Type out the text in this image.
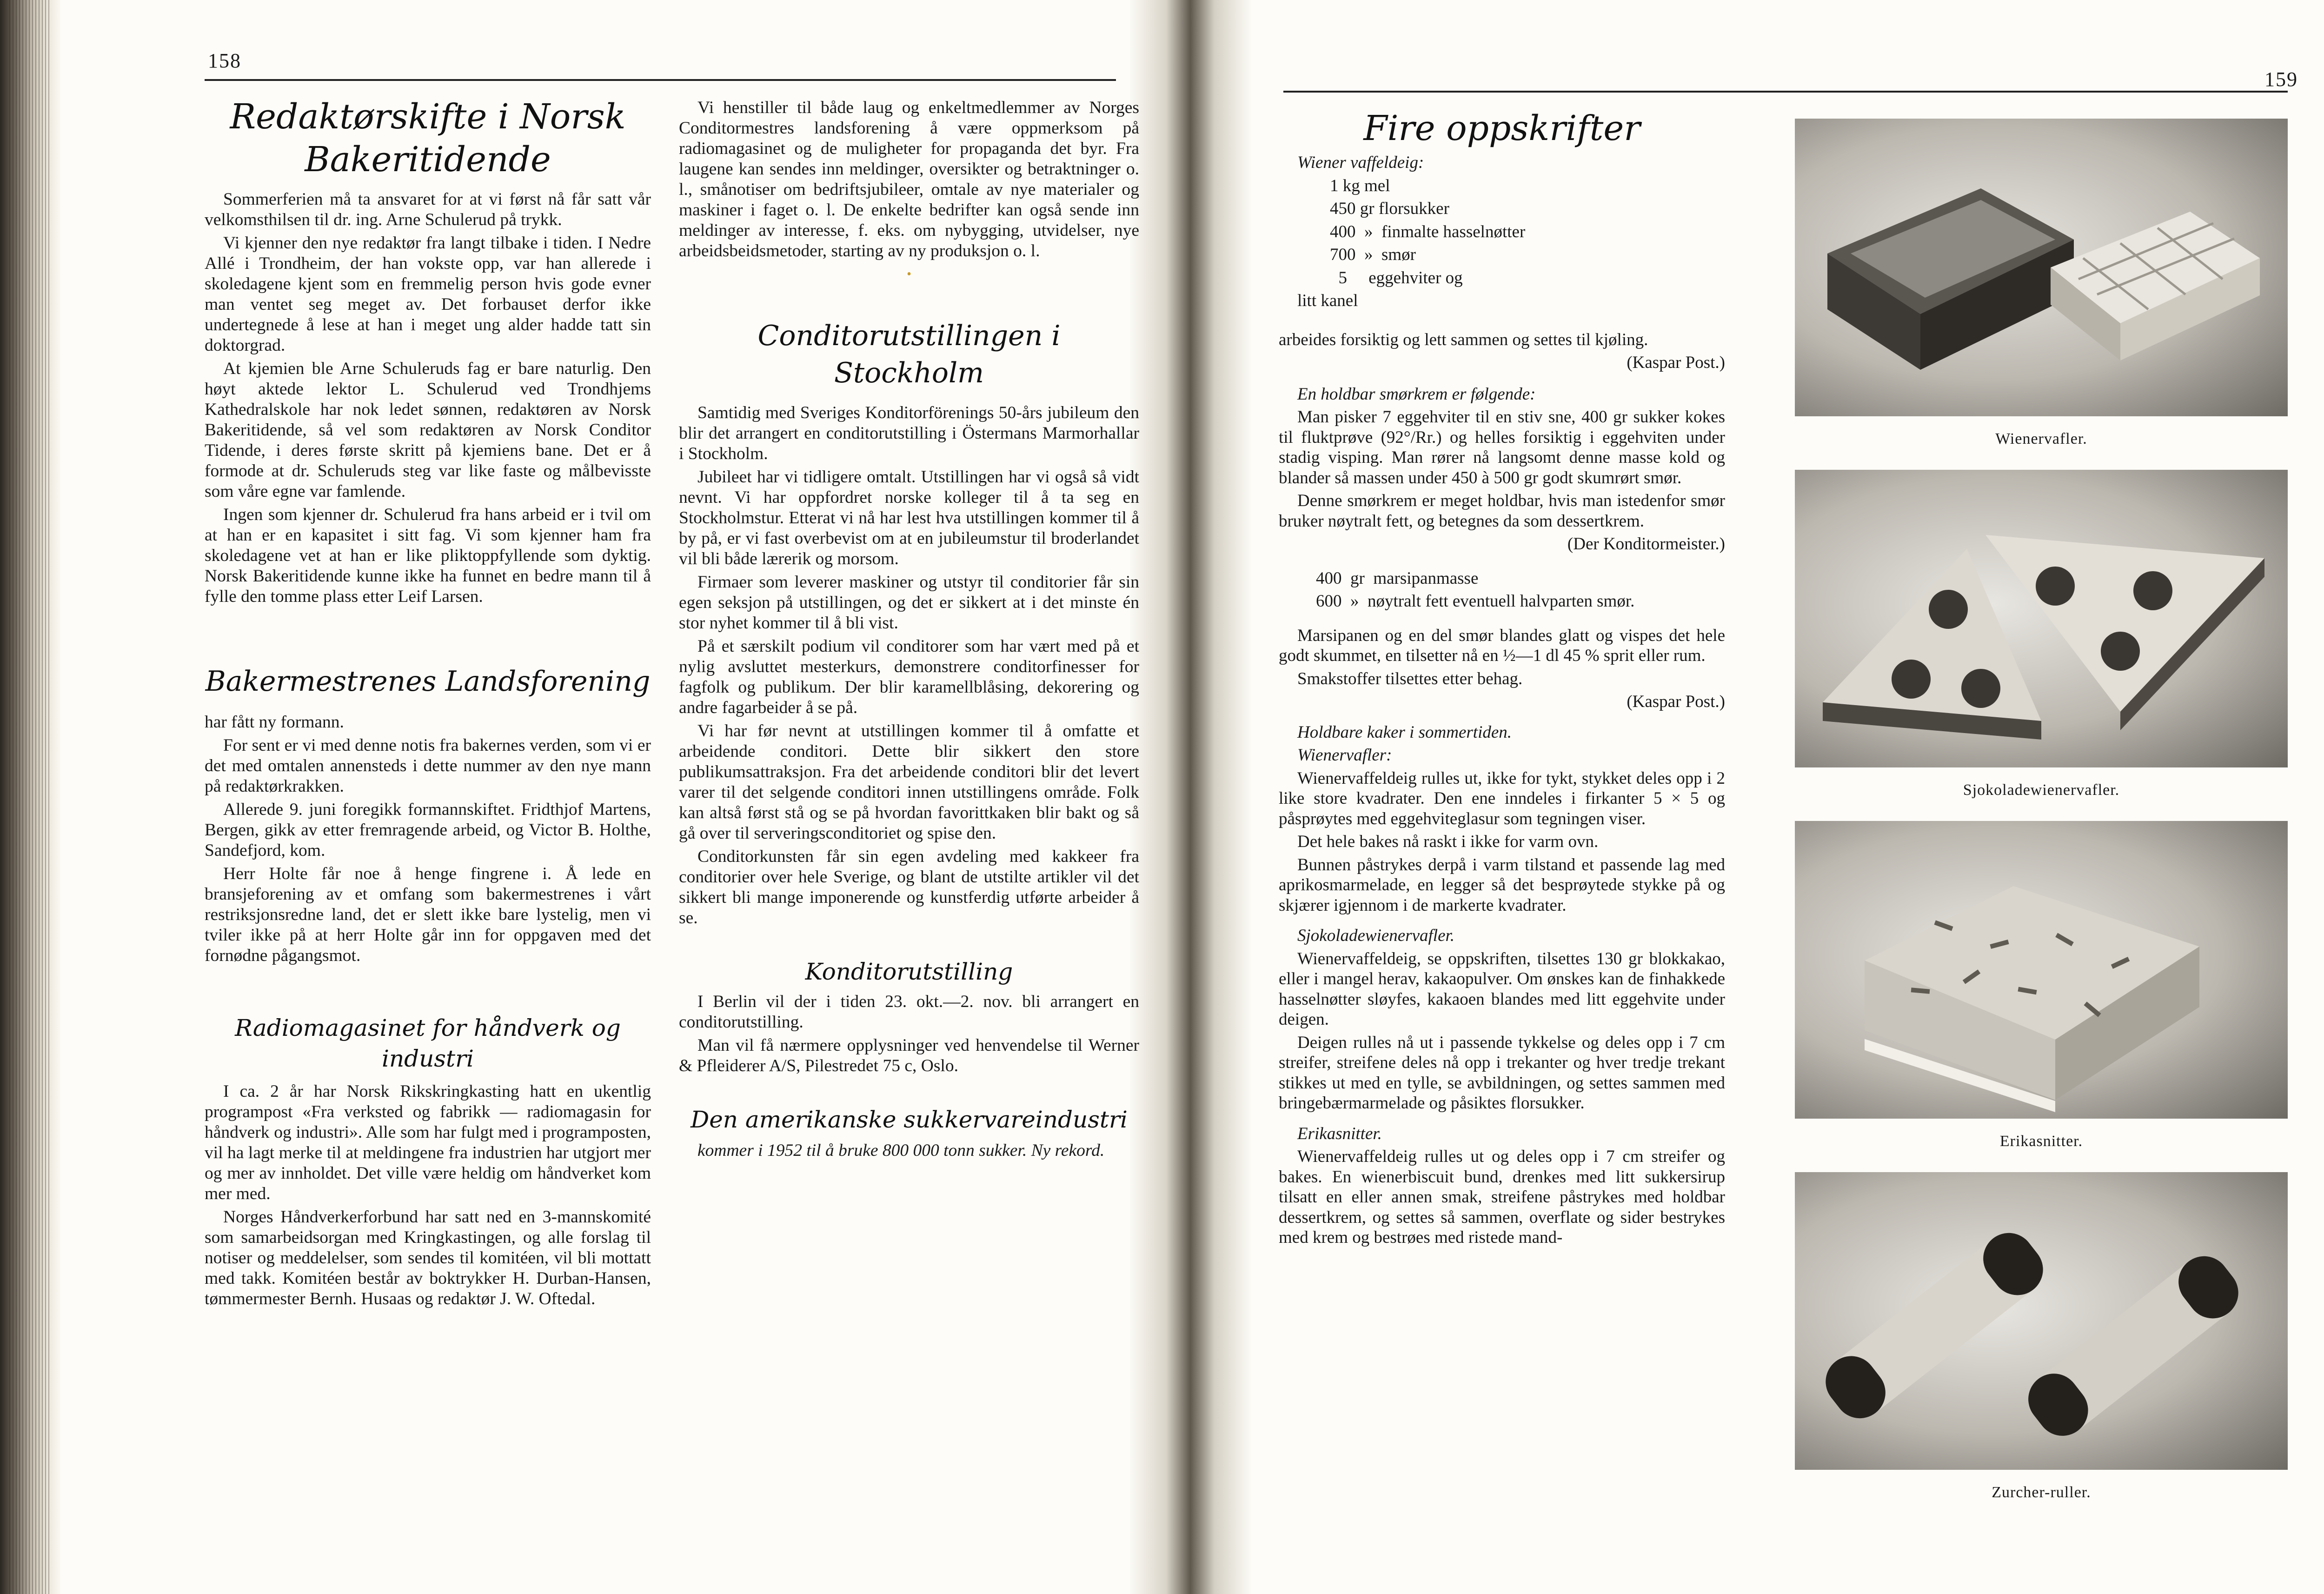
158
Redaktørskifte i Norsk
Bakeritidende

Sommerferien må ta ansvaret for at vi først nå får satt vår velkomsthilsen til dr. ing. Arne Schulerud på trykk.

Vi kjenner den nye redaktør fra langt tilbake i tiden. I Nedre Allé i Trondheim, der han vokste opp, var han allerede i skoledagene kjent som en fremmelig person hvis gode evner man ventet seg meget av. Det forbauset derfor ikke undertegnede å lese at han i meget ung alder hadde tatt sin doktorgrad.

At kjemien ble Arne Schuleruds fag er bare naturlig. Den høyt aktede lektor L. Schulerud ved Trondhjems Kathedralskole har nok ledet sønnen, redaktøren av Norsk Bakeritidende, så vel som redaktøren av Norsk Conditor Tidende, i deres første skritt på kjemiens bane. Det er å formode at dr. Schuleruds steg var like faste og målbevisste som våre egne var famlende.

Ingen som kjenner dr. Schulerud fra hans arbeid er i tvil om at han er en kapasitet i sitt fag. Vi som kjenner ham fra skoledagene vet at han er like pliktoppfyllende som dyktig. Norsk Bakeritidende kunne ikke ha funnet en bedre mann til å fylle den tomme plass etter Leif Larsen.

Bakermestrenes Landsforening

har fått ny formann.

For sent er vi med denne notis fra bakernes verden, som vi er det med omtalen annensteds i dette nummer av den nye mann på redaktørkrakken.

Allerede 9. juni foregikk formannskiftet. Fridthjof Martens, Bergen, gikk av etter fremragende arbeid, og Victor B. Holthe, Sandefjord, kom.

Herr Holte får noe å henge fingrene i. Å lede en bransjeforening av et omfang som bakermestrenes i vårt restriksjonsredne land, det er slett ikke bare lystelig, men vi tviler ikke på at herr Holte går inn for oppgaven med det fornødne pågangsmot.

Radiomagasinet for håndverk og industri

I ca. 2 år har Norsk Rikskringkasting hatt en ukentlig programpost «Fra verksted og fabrikk — radiomagasin for håndverk og industri». Alle som har fulgt med i programposten, vil ha lagt merke til at meldingene fra industrien har utgjort mer og mer av innholdet. Det ville være heldig om håndverket kom mer med.

Norges Håndverkerforbund har satt ned en 3-mannskomité som samarbeidsorgan med Kringkastingen, og alle forslag til notiser og meddelelser, som sendes til komitéen, vil bli mottatt med takk. Komitéen består av boktrykker H. Durban-Hansen, tømmermester Bernh. Husaas og redaktør J. W. Oftedal.

Vi henstiller til både laug og enkeltmedlemmer av Norges Conditormestres landsforening å være oppmerksom på radiomagasinet og de muligheter for propaganda det byr. Fra laugene kan sendes inn meldinger, oversikter og betraktninger o. l., smånotiser om bedriftsjubileer, omtale av nye materialer og maskiner i faget o. l. De enkelte bedrifter kan også sende inn meldinger av interesse, f. eks. om nybygging, utvidelser, nye arbeidsbeidsmetoder, starting av ny produksjon o. l.

•
Conditorutstillingen i Stockholm

Samtidig med Sveriges Konditorförenings 50-års jubileum den blir det arrangert en conditorutstilling i Östermans Marmorhallar i Stockholm.

Jubileet har vi tidligere omtalt. Utstillingen har vi også så vidt nevnt. Vi har oppfordret norske kolleger til å ta seg en Stockholmstur. Etterat vi nå har lest hva utstillingen kommer til å by på, er vi fast overbevist om at en jubileumstur til broderlandet vil bli både lærerik og morsom.

Firmaer som leverer maskiner og utstyr til conditorier får sin egen seksjon på utstillingen, og det er sikkert at i det minste én stor nyhet kommer til å bli vist.

På et særskilt podium vil conditorer som har vært med på et nylig avsluttet mesterkurs, demonstrere conditorfinesser for fagfolk og publikum. Der blir karamellblåsing, dekorering og andre fagarbeider å se på.

Vi har før nevnt at utstillingen kommer til å omfatte et arbeidende conditori. Dette blir sikkert den store publikumsattraksjon. Fra det arbeidende conditori blir det levert varer til det selgende conditori innen utstillingens område. Folk kan altså først stå og se på hvordan favorittkaken blir bakt og så gå over til serveringsconditoriet og spise den.

Conditorkunsten får sin egen avdeling med kakkeer fra conditorier over hele Sverige, og blant de utstilte artikler vil det sikkert bli mange imponerende og kunstferdig utførte arbeider å se.

Konditorutstilling

I Berlin vil der i tiden 23. okt.—2. nov. bli arrangert en conditorutstilling.

Man vil få nærmere opplysninger ved henvendelse til Werner & Pfleiderer A/S, Pilestredet 75 c, Oslo.

Den amerikanske sukkervareindustri

kommer i 1952 til å bruke 800 000 tonn sukker. Ny rekord.

159
Fire oppskrifter

Wiener vaffeldeig:

1 kg mel

450 gr florsukker

400  »  finmalte hasselnøtter

700  »  smør

5     eggehviter og

litt kanel

arbeides forsiktig og lett sammen og settes til kjøling.

(Kaspar Post.)

En holdbar smørkrem er følgende:

Man pisker 7 eggehviter til en stiv sne, 400 gr sukker kokes til fluktprøve (92°/Rr.) og helles forsiktig i eggehviten under stadig visping. Man rører nå langsomt denne masse kold og blander så massen under 450 à 500 gr godt skumrørt smør.

Denne smørkrem er meget holdbar, hvis man istedenfor smør bruker nøytralt fett, og betegnes da som dessertkrem.

(Der Konditormeister.)

400  gr  marsipanmasse

600  »  nøytralt fett eventuell halvparten smør.

Marsipanen og en del smør blandes glatt og vispes det hele godt skummet, en tilsetter nå en ½—1 dl 45 % sprit eller rum.

Smakstoffer tilsettes etter behag.

(Kaspar Post.)

Holdbare kaker i sommertiden.

Wienervafler:

Wienervaffeldeig rulles ut, ikke for tykt, stykket deles opp i 2 like store kvadrater. Den ene inndeles i firkanter 5 × 5 og påsprøytes med eggehviteglasur som tegningen viser.

Det hele bakes nå raskt i ikke for varm ovn.

Bunnen påstrykes derpå i varm tilstand et passende lag med aprikosmarmelade, en legger så det besprøytede stykke på og skjærer igjennom i de markerte kvadrater.

Sjokoladewienervafler.

Wienervaffeldeig, se oppskriften, tilsettes 130 gr blokkakao, eller i mangel herav, kakaopulver. Om ønskes kan de finhakkede hasselnøtter sløyfes, kakaoen blandes med litt eggehvite under deigen.

Deigen rulles nå ut i passende tykkelse og deles opp i 7 cm streifer, streifene deles nå opp i trekanter og hver tredje trekant stikkes ut med en tylle, se avbildningen, og settes sammen med bringebærmarmelade og påsiktes florsukker.

Erikasnitter.

Wienervaffeldeig rulles ut og deles opp i 7 cm streifer og bakes. En wienerbiscuit bund, drenkes med litt sukkersirup tilsatt en eller annen smak, streifene påstrykes med holdbar dessertkrem, og settes så sammen, overflate og sider bestrykes med krem og bestrøes med ristede mand-

Wienervafler.
Sjokoladewienervafler.
Erikasnitter.
Zurcher-ruller.
